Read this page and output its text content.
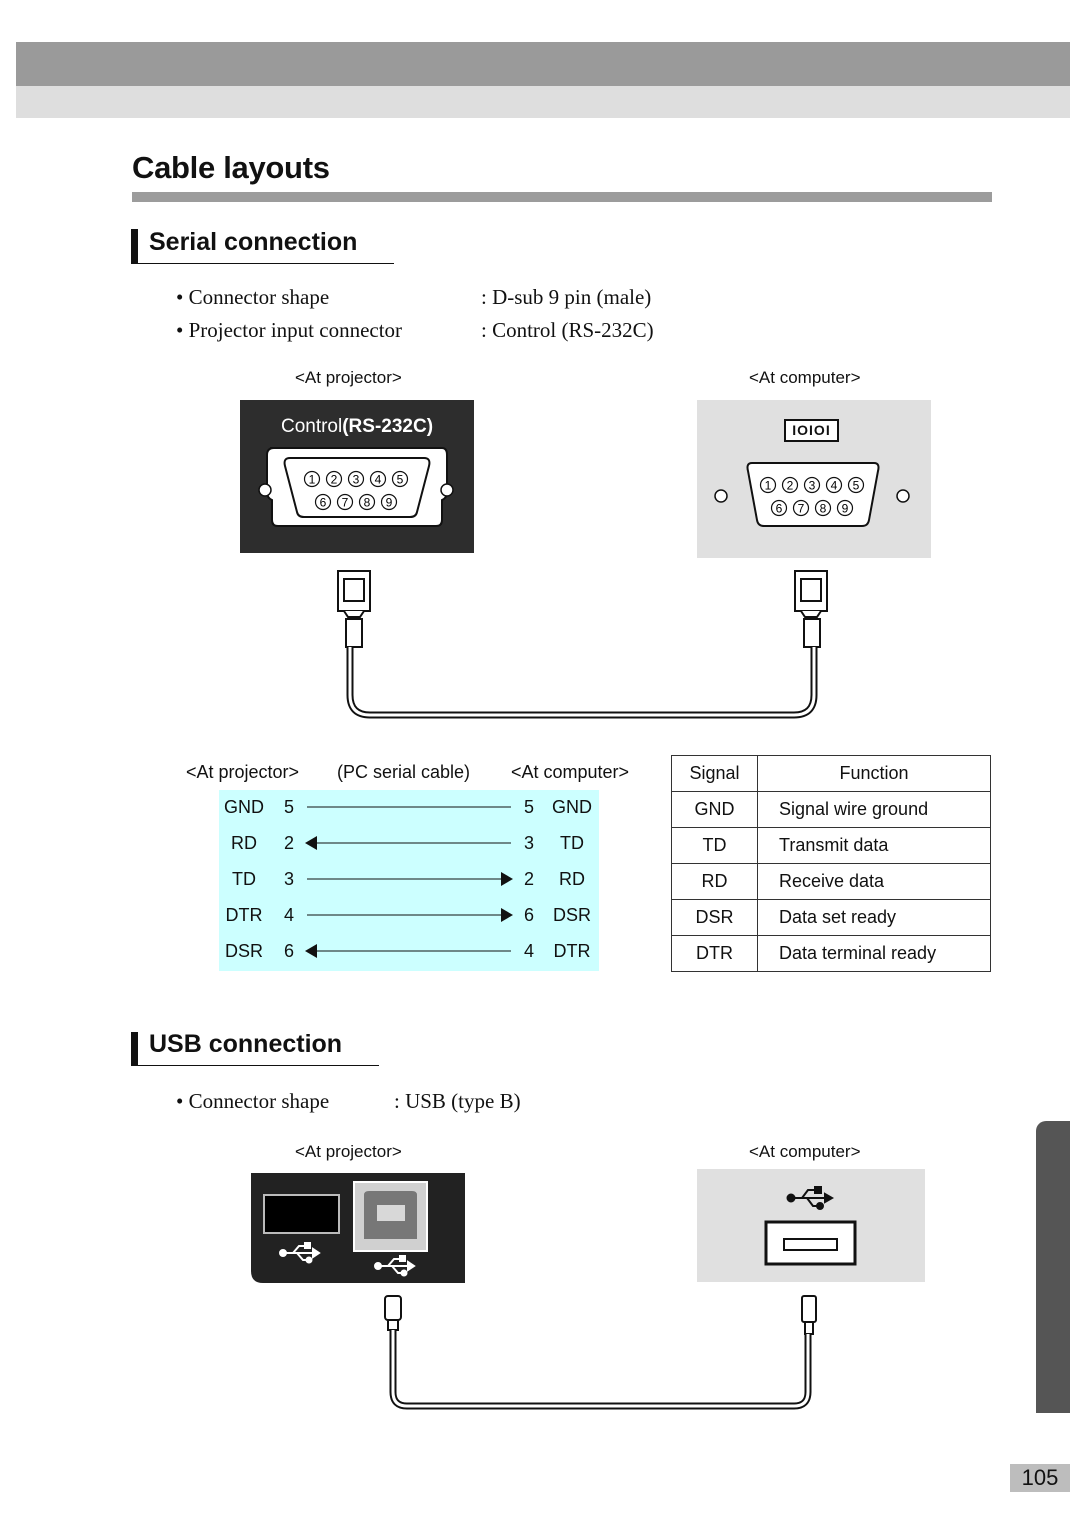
Cable layouts
Serial connection
• Connector shape	: D-sub 9 pin (male)
• Projector input connector	: Control (RS-232C)
<At projector>	<At computer>
Control(RS-232C)
1 2 3 4 5
6 7 8 9
1 2 3 4 5
6 7 8 9
IOIOI
<At projector> (PC serial cable) <At computer>
GND 5	5 GND
RD	2	3	TD
TD	3	2	RD
DTR 4	6 DSR
DSR 6	4 DTR
Signal	Function
GND	Signal wire ground
TD	Transmit data
RD	Receive data
DSR	Data set ready
DTR	Data terminal ready
USB connection
• Connector shape	: USB (type B)
<At projector>	<At computer>
105
